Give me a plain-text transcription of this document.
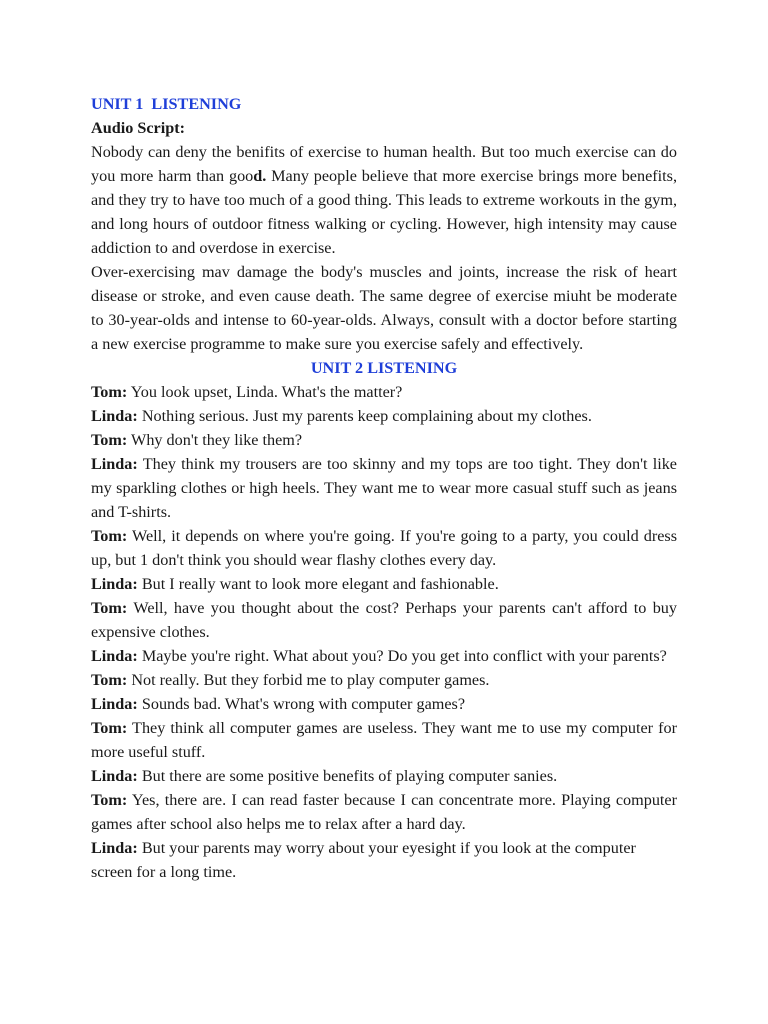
UNIT 1  LISTENING
Audio Script:

Nobody can deny the benifits of exercise to human health. But too much exercise can do you more harm than good. Many people believe that more exercise brings more benefits, and they try to have too much of a good thing. This leads to extreme workouts in the gym, and long hours of outdoor fitness walking or cycling. However, high intensity may cause addiction to and overdose in exercise.

Over-exercising mav damage the body's muscles and joints, increase the risk of heart disease or stroke, and even cause death. The same degree of exercise miuht be moderate to 30-year-olds and intense to 60-year-olds. Always, consult with a doctor before starting a new exercise programme to make sure you exercise safely and effectively.

UNIT 2 LISTENING

Tom: You look upset, Linda. What's the matter?

Linda: Nothing serious. Just my parents keep complaining about my clothes.

Tom: Why don't they like them?

Linda: They think my trousers are too skinny and my tops are too tight. They don't like my sparkling clothes or high heels. They want me to wear more casual stuff such as jeans and T-shirts.

Tom: Well, it depends on where you're going. If you're going to a party, you could dress up, but 1 don't think you should wear flashy clothes every day.

Linda: But I really want to look more elegant and fashionable.

Tom: Well, have you thought about the cost? Perhaps your parents can't afford to buy expensive clothes.

Linda: Maybe you're right. What about you? Do you get into conflict with your parents?

Tom: Not really. But they forbid me to play computer games.

Linda: Sounds bad. What's wrong with computer games?

Tom: They think all computer games are useless. They want me to use my computer for more useful stuff.

Linda: But there are some positive benefits of playing computer sanies.

Tom: Yes, there are. I can read faster because I can concentrate more. Playing computer games after school also helps me to relax after a hard day.

Linda: But your parents may worry about your eyesight if you look at the computer screen for a long time.
